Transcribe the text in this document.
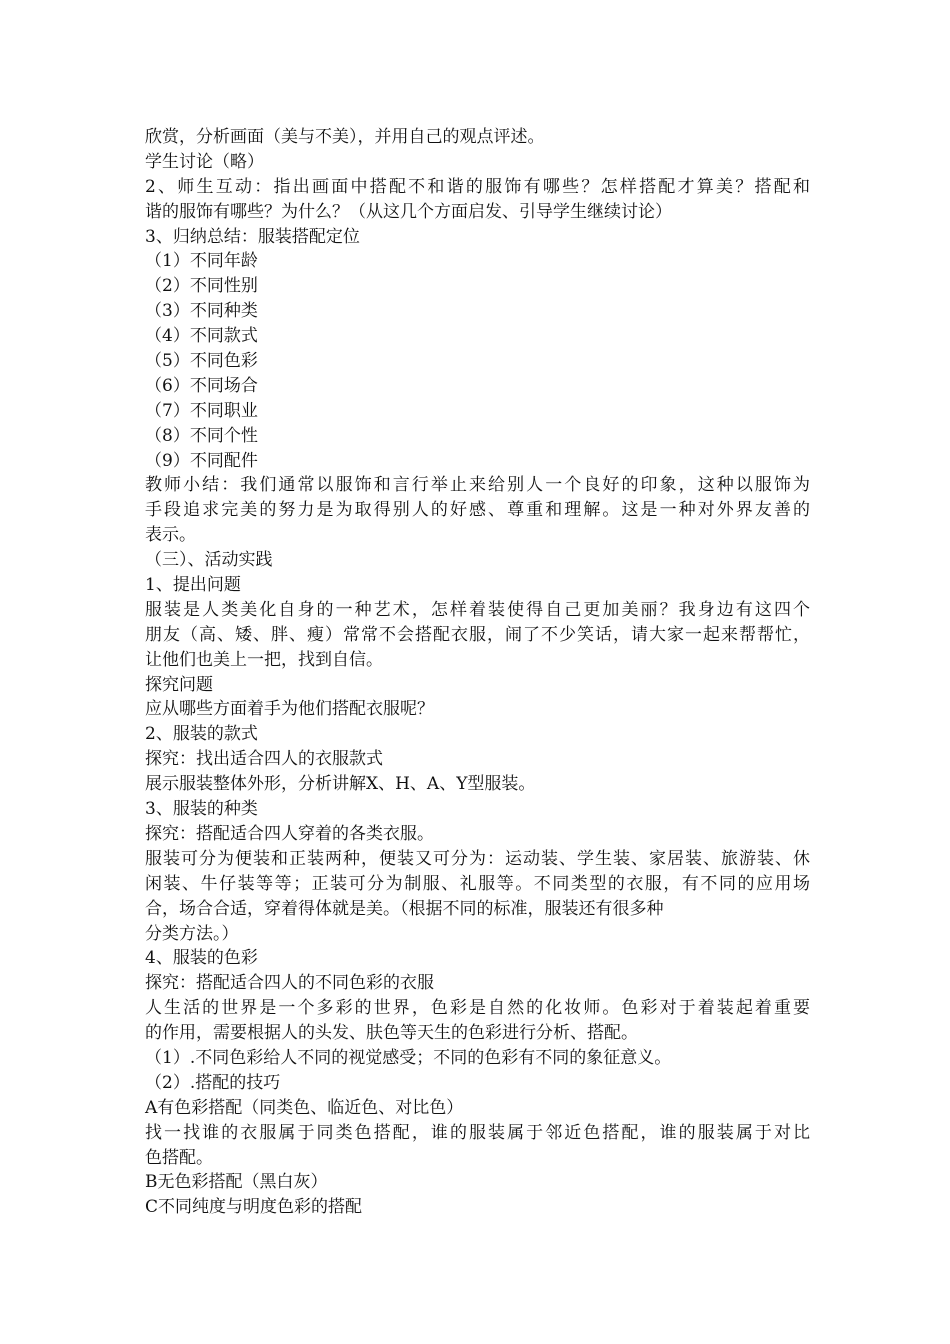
欣赏，分析画面（美与不美），并用自己的观点评述。
学生讨论（略）
2、师生互动：指出画面中搭配不和谐的服饰有哪些？怎样搭配才算美？搭配和
谐的服饰有哪些？为什么？（从这几个方面启发、引导学生继续讨论）
3、归纳总结：服装搭配定位
（1）不同年龄
（2）不同性别
（3）不同种类
（4）不同款式
（5）不同色彩
（6）不同场合
（7）不同职业
（8）不同个性
（9）不同配件
教师小结：我们通常以服饰和言行举止来给别人一个良好的印象，这种以服饰为
手段追求完美的努力是为取得别人的好感、尊重和理解。这是一种对外界友善的
表示。
（三）、活动实践
1、提出问题
服装是人类美化自身的一种艺术，怎样着装使得自己更加美丽？我身边有这四个
朋友（高、矮、胖、瘦）常常不会搭配衣服，闹了不少笑话，请大家一起来帮帮忙，
让他们也美上一把，找到自信。
探究问题
应从哪些方面着手为他们搭配衣服呢？
2、服装的款式
探究：找出适合四人的衣服款式
展示服装整体外形，分析讲解X、H、A、Y型服装。
3、服装的种类
探究：搭配适合四人穿着的各类衣服。
服装可分为便装和正装两种，便装又可分为：运动装、学生装、家居装、旅游装、休
闲装、牛仔装等等；正装可分为制服、礼服等。不同类型的衣服，有不同的应用场
合，场合合适，穿着得体就是美。（根据不同的标准，服装还有很多种
分类方法。）
4、服装的色彩
探究：搭配适合四人的不同色彩的衣服
人生活的世界是一个多彩的世界，色彩是自然的化妆师。色彩对于着装起着重要
的作用，需要根据人的头发、肤色等天生的色彩进行分析、搭配。
（1）.不同色彩给人不同的视觉感受；不同的色彩有不同的象征意义。
（2）.搭配的技巧
A有色彩搭配（同类色、临近色、对比色）
找一找谁的衣服属于同类色搭配，谁的服装属于邻近色搭配，谁的服装属于对比
色搭配。
B无色彩搭配（黑白灰）
C不同纯度与明度色彩的搭配
